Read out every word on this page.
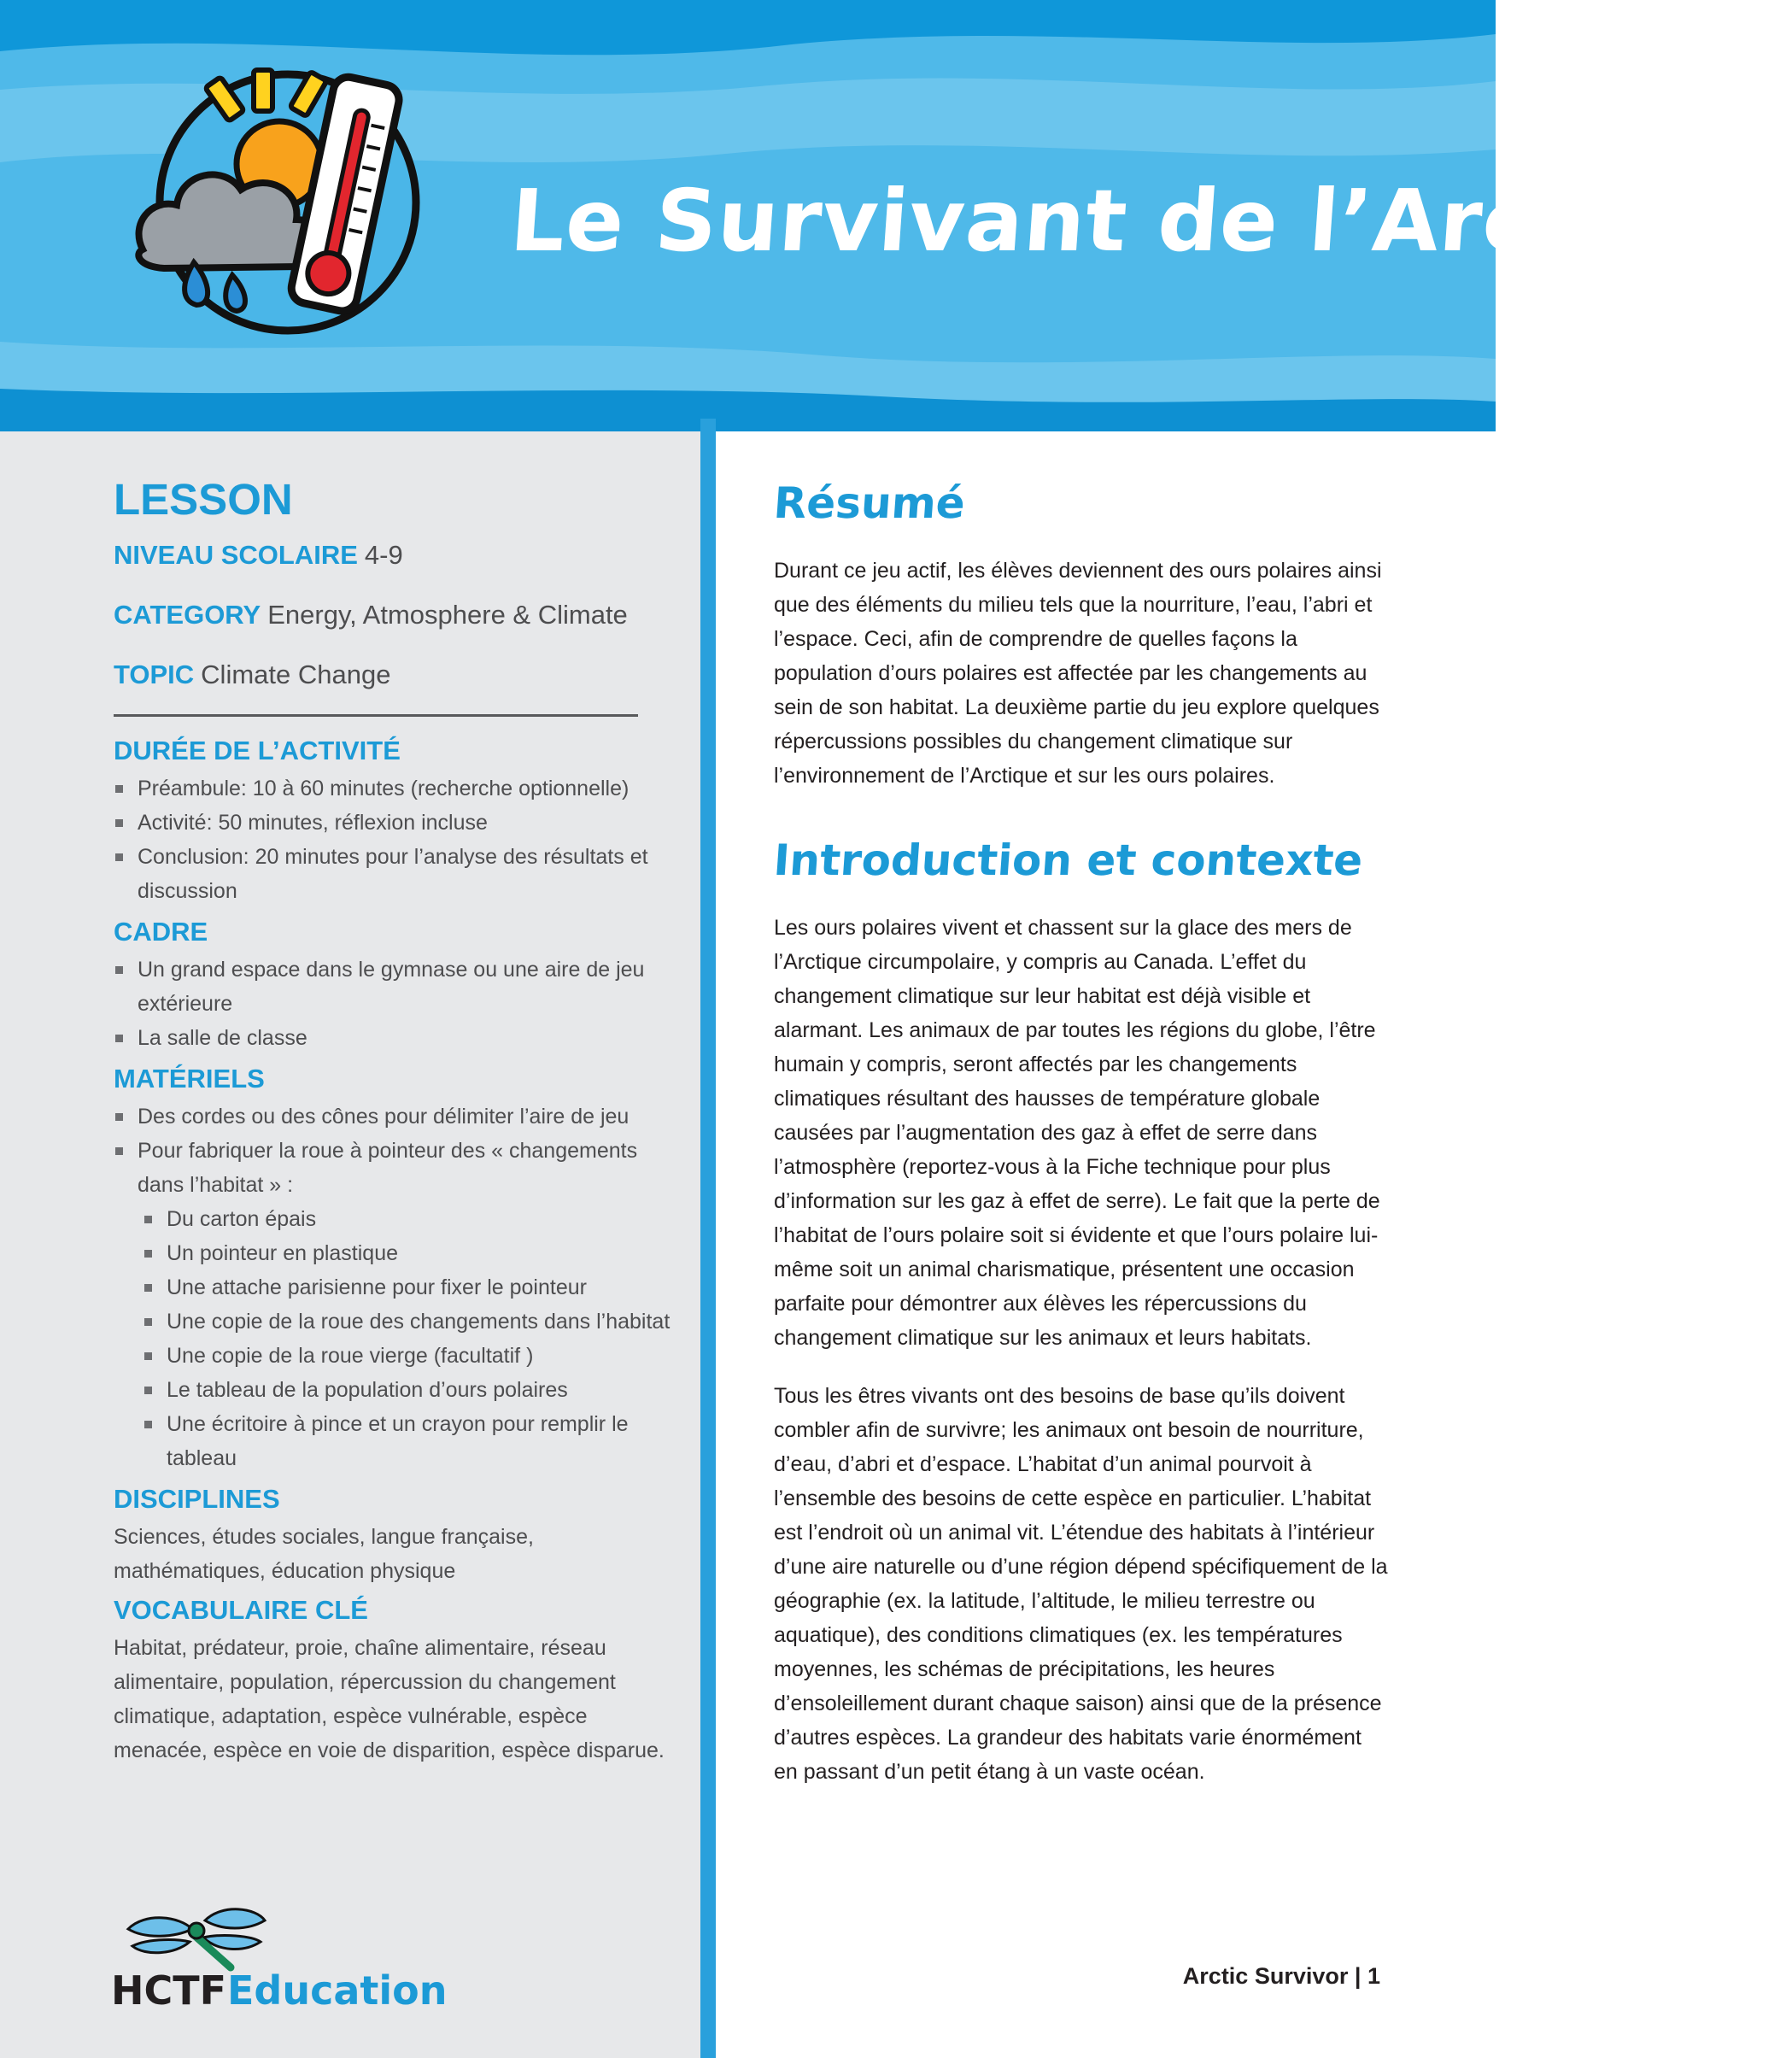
Le Survivant de l’Arctique
LESSON
NIVEAU SCOLAIRE 4-9
CATEGORY Energy, Atmosphere & Climate
TOPIC Climate Change
DURÉE DE L’ACTIVITÉ
Préambule: 10 à 60 minutes (recherche optionnelle)
Activité: 50 minutes, réflexion incluse
Conclusion: 20 minutes pour l’analyse des résultats et discussion
CADRE
Un grand espace dans le gymnase ou une aire de jeu extérieure
La salle de classe
MATÉRIELS
Des cordes ou des cônes pour délimiter l’aire de jeu
Pour fabriquer la roue à pointeur des « changements dans l’habitat » :
Du carton épais
Un pointeur en plastique
Une attache parisienne pour fixer le pointeur
Une copie de la roue des changements dans l’habitat
Une copie de la roue vierge (facultatif )
Le tableau de la population d’ours polaires
Une écritoire à pince et un crayon pour remplir le tableau
DISCIPLINES

Sciences, études sociales, langue française, mathématiques, éducation physique

VOCABULAIRE CLÉ

Habitat, prédateur, proie, chaîne alimentaire, réseau alimentaire, population, répercussion du changement climatique, adaptation, espèce vulnérable, espèce menacée, espèce en voie de disparition, espèce disparue.

HCTF Education
Résumé

Durant ce jeu actif, les élèves deviennent des ours polaires ainsi que des éléments du milieu tels que la nourriture, l’eau, l’abri et l’espace. Ceci, afin de comprendre de quelles façons la population d’ours polaires est affectée par les changements au sein de son habitat. La deuxième partie du jeu explore quelques répercussions possibles du changement climatique sur l’environnement de l’Arctique et sur les ours polaires.

Introduction et contexte

Les ours polaires vivent et chassent sur la glace des mers de l’Arctique circumpolaire, y compris au Canada. L’effet du changement climatique sur leur habitat est déjà visible et alarmant. Les animaux de par toutes les régions du globe, l’être humain y compris, seront affectés par les changements climatiques résultant des hausses de température globale causées par l’augmentation des gaz à effet de serre dans l’atmosphère (reportez-vous à la Fiche technique pour plus d’information sur les gaz à effet de serre). Le fait que la perte de l’habitat de l’ours polaire soit si évidente et que l’ours polaire lui-même soit un animal charismatique, présentent une occasion parfaite pour démontrer aux élèves les répercussions du changement climatique sur les animaux et leurs habitats.

Tous les êtres vivants ont des besoins de base qu’ils doivent combler afin de survivre; les animaux ont besoin de nourriture, d’eau, d’abri et d’espace. L’habitat d’un animal pourvoit à l’ensemble des besoins de cette espèce en particulier. L’habitat est l’endroit où un animal vit. L’étendue des habitats à l’intérieur d’une aire naturelle ou d’une région dépend spécifiquement de la géographie (ex. la latitude, l’altitude, le milieu terrestre ou aquatique), des conditions climatiques (ex. les températures moyennes, les schémas de précipitations, les heures d’ensoleillement durant chaque saison) ainsi que de la présence d’autres espèces. La grandeur des habitats varie énormément en passant d’un petit étang à un vaste océan.

Arctic Survivor | 1
